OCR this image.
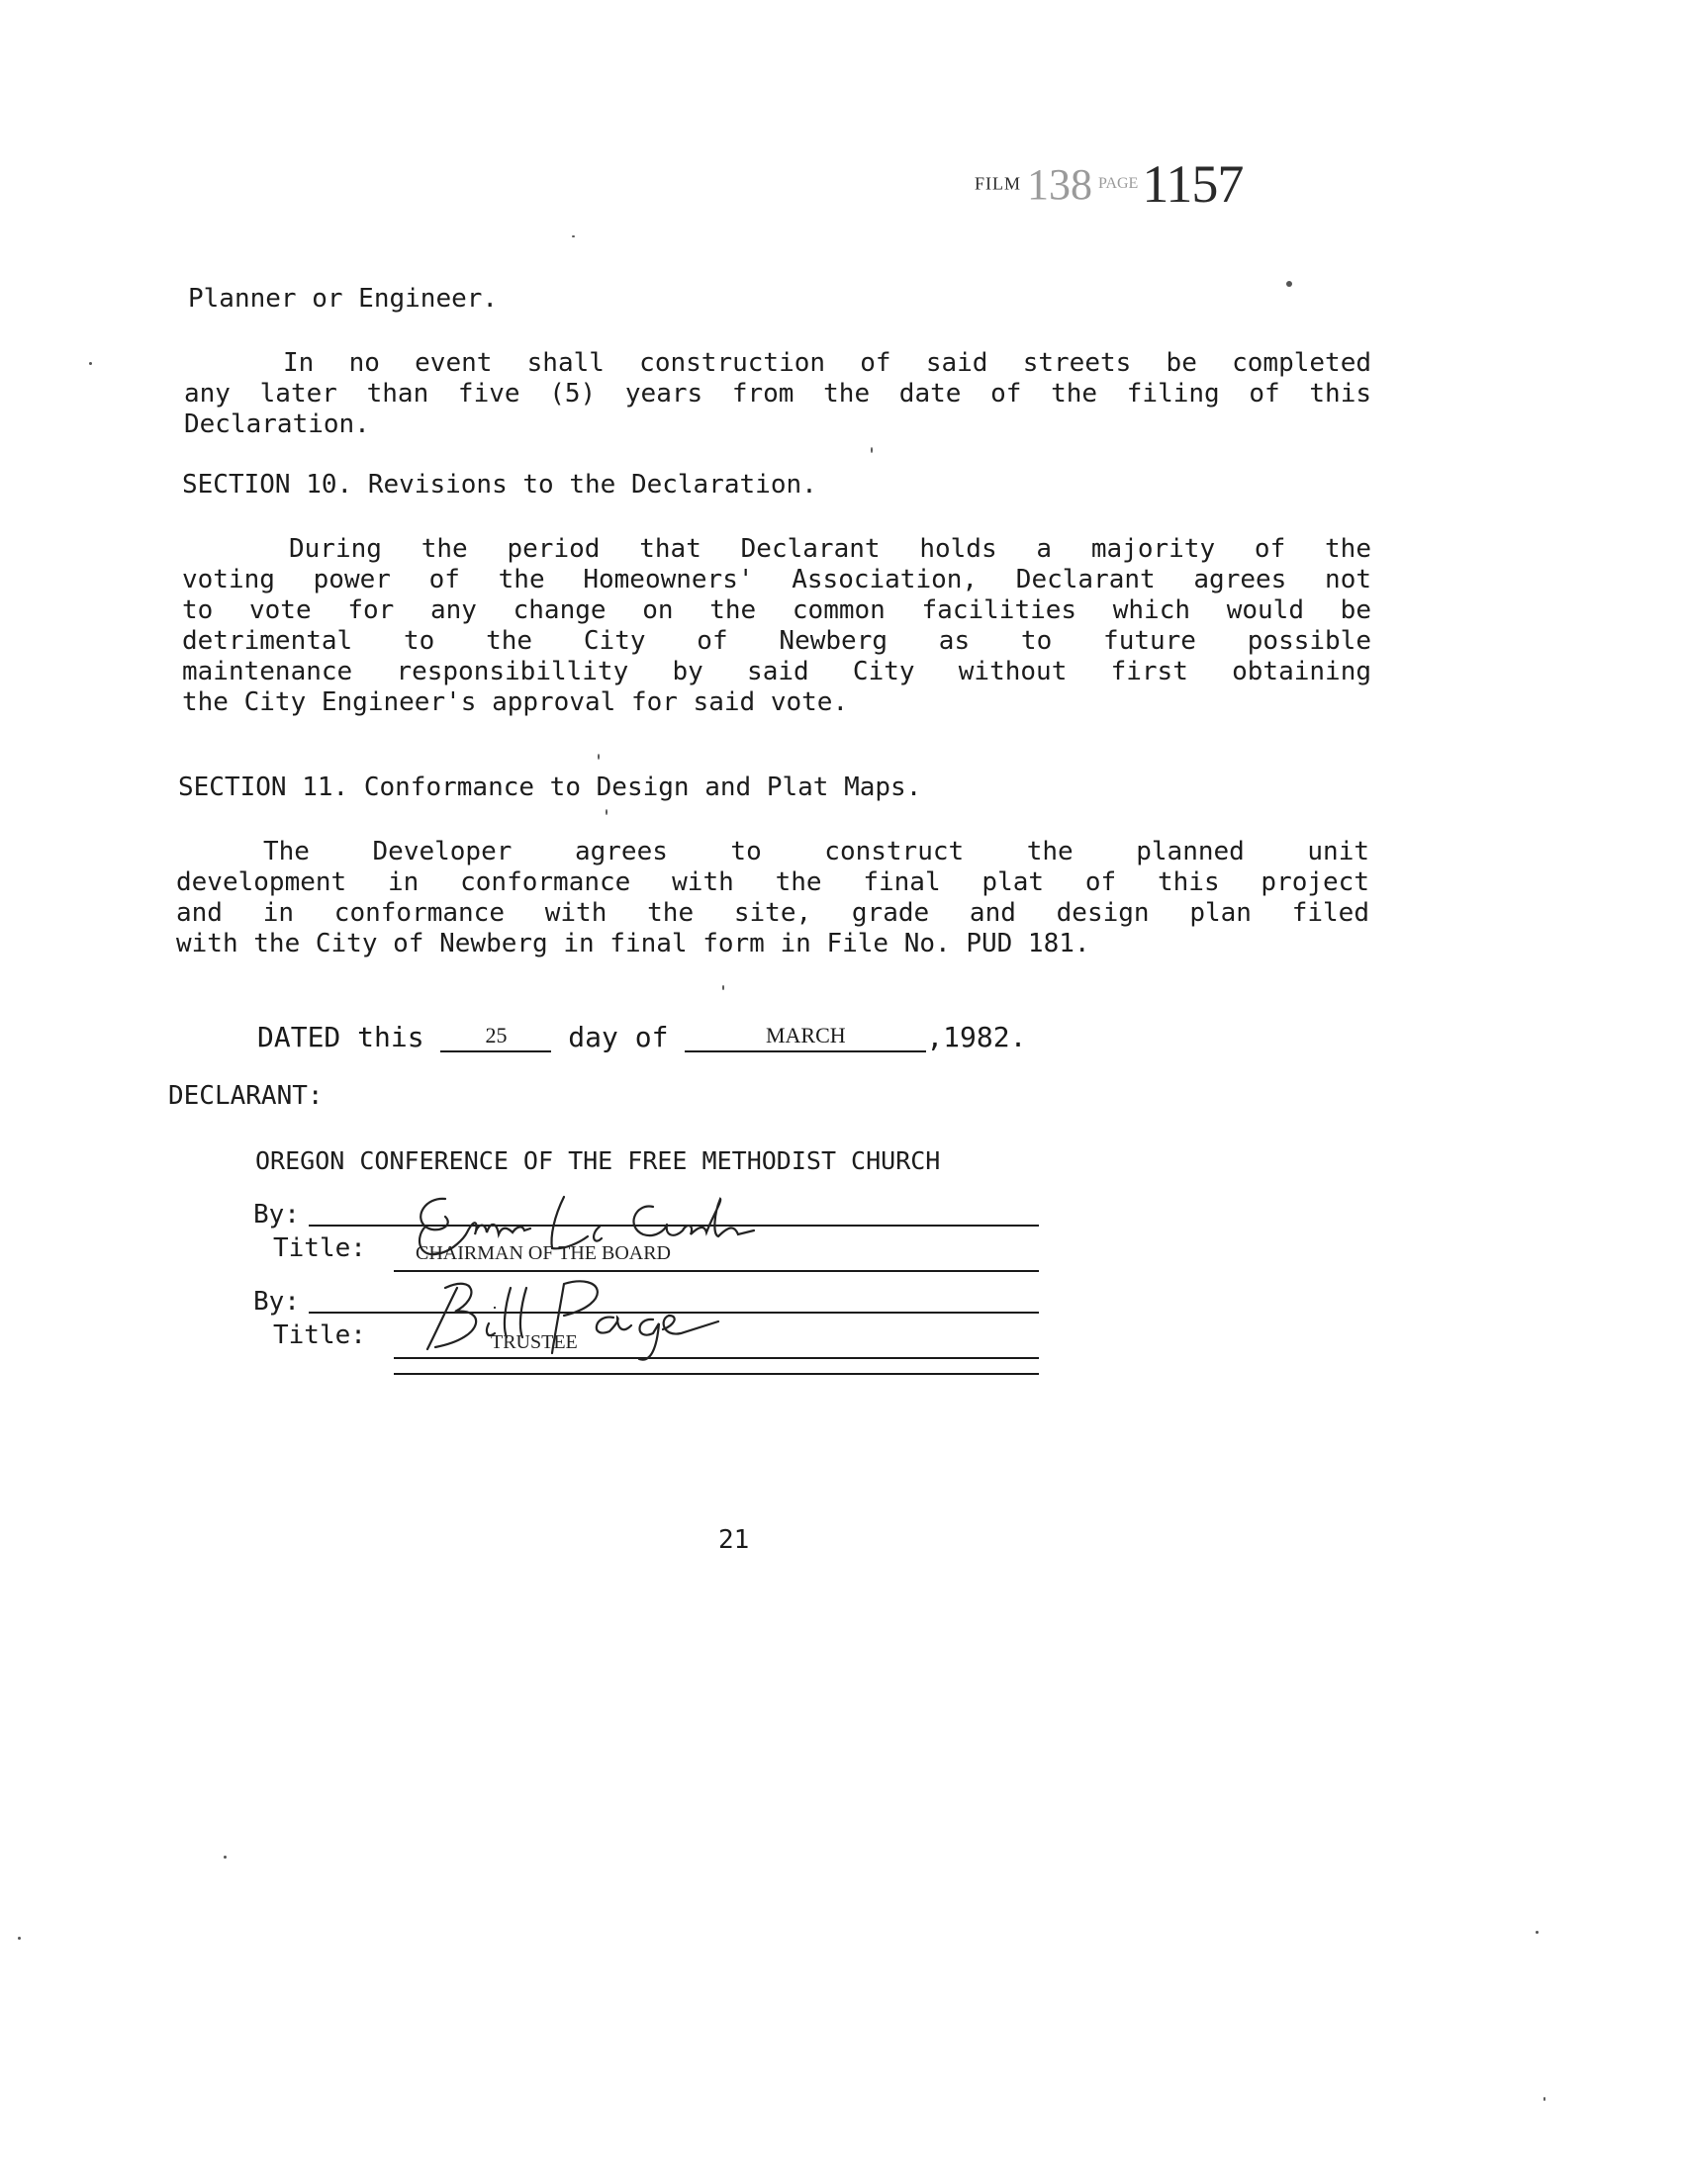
FILM 138 PAGE 1157
Planner or Engineer.
In no event shall construction of said streets be completed
any later than five (5) years from the date of the filing of this
Declaration.
SECTION 10. Revisions to the Declaration.
During the period that Declarant holds a majority of the
voting power of the Homeowners' Association, Declarant agrees not
to vote for any change on the common facilities which would be
detrimental to the City of Newberg as to future possible
maintenance responsibillity by said City without first obtaining
the City Engineer's approval for said vote.
SECTION 11. Conformance to Design and Plat Maps.
The Developer agrees to construct the planned unit
development in conformance with the final plat of this project
and in conformance with the site, grade and design plan filed
with the City of Newberg in final form in File No. PUD 181.
DATED this	25 day of	MARCH	,1982.
DECLARANT:
OREGON CONFERENCE OF THE FREE METHODIST CHURCH
By:
Title:	CHAIRMAN OF THE BOARD
By:
Title:	TRUSTEE
21
